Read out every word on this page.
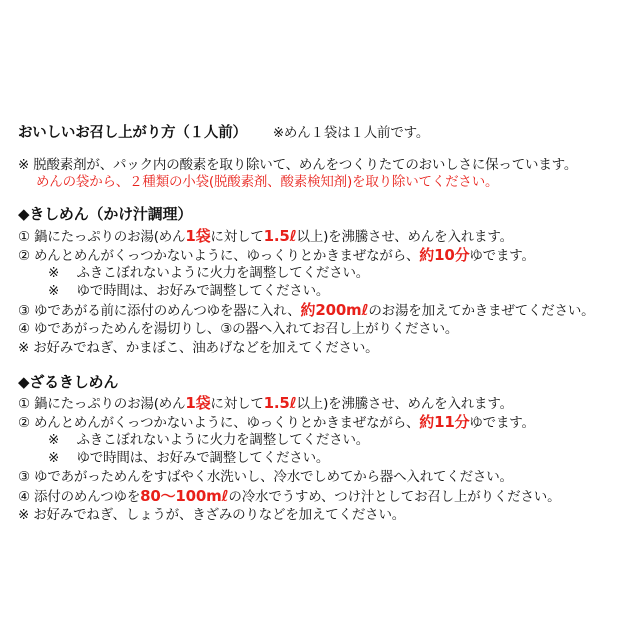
おいしいお召し上がり方（１人前） ※めん１袋は１人前です。
※ 脱酸素剤が、パック内の酸素を取り除いて、めんをつくりたてのおいしさに保っています。
めんの袋から、２種類の小袋(脱酸素剤、酸素検知剤)を取り除いてください。
◆きしめん（かけ汁調理）
① 鍋にたっぷりのお湯(めん1袋に対して1.5ℓ以上)を沸騰させ、めんを入れます。
② めんとめんがくっつかないように、ゆっくりとかきまぜながら、約10分ゆでます。
※　 ふきこぼれないように火力を調整してください。
※　 ゆで時間は、お好みで調整してください。
③ ゆであがる前に添付のめんつゆを器に入れ、約200mℓのお湯を加えてかきまぜてください。
④ ゆであがっためんを湯切りし、③の器へ入れてお召し上がりください。
※ お好みでねぎ、かまぼこ、油あげなどを加えてください。
◆ざるきしめん
① 鍋にたっぷりのお湯(めん1袋に対して1.5ℓ以上)を沸騰させ、めんを入れます。
② めんとめんがくっつかないように、ゆっくりとかきまぜながら、約11分ゆでます。
※　 ふきこぼれないように火力を調整してください。
※　 ゆで時間は、お好みで調整してください。
③ ゆであがっためんをすばやく水洗いし、冷水でしめてから器へ入れてください。
④ 添付のめんつゆを80〜100mℓの冷水でうすめ、つけ汁としてお召し上がりください。
※ お好みでねぎ、しょうが、きざみのりなどを加えてください。
